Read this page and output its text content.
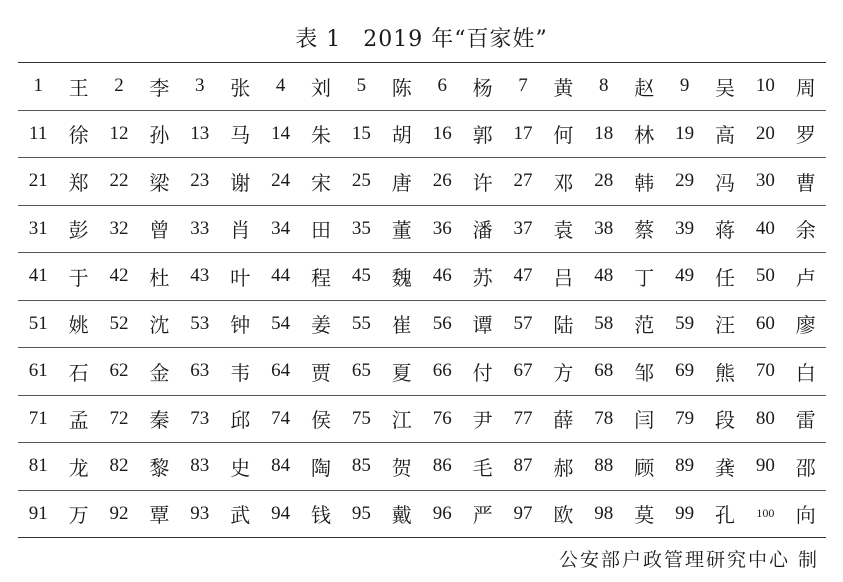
表 1 2019 年“百家姓”
1	王	2	李	3	张	4	刘	5	陈	6	杨	7	黄	8	赵	9	吴	10	周
11	徐	12	孙	13	马	14	朱	15	胡	16	郭	17	何	18	林	19	高	20	罗
21	郑	22	梁	23	谢	24	宋	25	唐	26	许	27	邓	28	韩	29	冯	30	曹
31	彭	32	曾	33	肖	34	田	35	董	36	潘	37	袁	38	蔡	39	蒋	40	余
41	于	42	杜	43	叶	44	程	45	魏	46	苏	47	吕	48	丁	49	任	50	卢
51	姚	52	沈	53	钟	54	姜	55	崔	56	谭	57	陆	58	范	59	汪	60	廖
61	石	62	金	63	韦	64	贾	65	夏	66	付	67	方	68	邹	69	熊	70	白
71	孟	72	秦	73	邱	74	侯	75	江	76	尹	77	薛	78	闫	79	段	80	雷
81	龙	82	黎	83	史	84	陶	85	贺	86	毛	87	郝	88	顾	89	龚	90	邵
91	万	92	覃	93	武	94	钱	95	戴	96	严	97	欧	98	莫	99	孔	100	向
公安部户政管理研究中心 制
